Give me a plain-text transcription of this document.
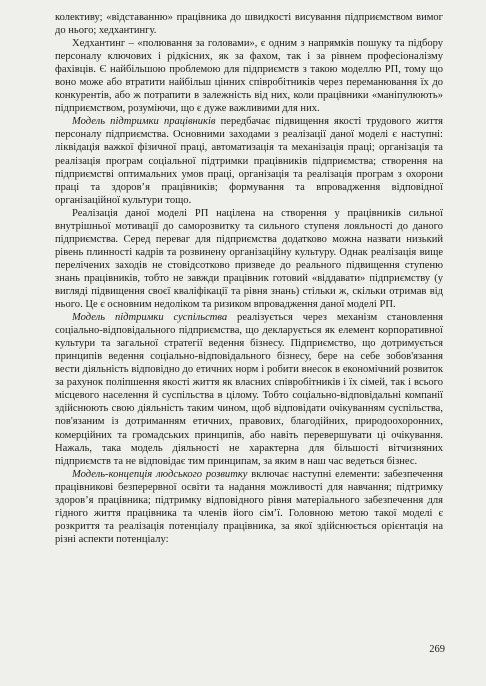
колективу; «відставанню» працівника до швидкості висування підприємством вимог до нього; хедхантингу.

Хедхантинг – «полювання за головами», є одним з напрямків пошуку та підбору персоналу ключових і рідкісних, як за фахом, так і за рівнем професіоналізму фахівців. Є найбільшою проблемою для підприємств з такою моделлю РП, тому що воно може або втратити найбільш цінних співробітників через переманювання їх до конкурентів, або ж потрапити в залежність від них, коли працівники «маніпулюють» підприємством, розуміючи, що є дуже важливими для них.

Модель підтримки працівників передбачає підвищення якості трудового життя персоналу підприємства. Основними заходами з реалізації даної моделі є наступні: ліквідація важкої фізичної праці, автоматизація та механізація праці; організація та реалізація програм соціальної підтримки працівників підприємства; створення на підприємстві оптимальних умов праці, організація та реалізація програм з охорони праці та здоров’я працівників; формування та впровадження відповідної організаційної культури тощо.

Реалізація даної моделі РП націлена на створення у працівників сильної внутрішньої мотивації до саморозвитку та сильного ступеня лояльності до даного підприємства. Серед переваг для підприємства додатково можна назвати низький рівень плинності кадрів та розвинену організаційну культуру. Однак реалізація вище перелічених заходів не стовідсотково призведе до реального підвищення ступеню знань працівників, тобто не завжди працівник готовий «віддавати» підприємству (у вигляді підвищення своєї кваліфікації та рівня знань) стільки ж, скільки отримав від нього. Це є основним недоліком та ризиком впровадження даної моделі РП.

Модель підтримки суспільства реалізується через механізм становлення соціально-відповідального підприємства, що декларується як елемент корпоративної культури та загальної стратегії ведення бізнесу. Підприємство, що дотримується принципів ведення соціально-відповідального бізнесу, бере на себе зобов'язання вести діяльність відповідно до етичних норм і робити внесок в економічний розвиток за рахунок поліпшення якості життя як власних співробітників і їх сімей, так і всього місцевого населення й суспільства в цілому. Тобто соціально-відповідальні компанії здійснюють свою діяльність таким чином, щоб відповідати очікуванням суспільства, пов'язаним із дотриманням етичних, правових, благодійних, природоохоронних, комерційних та громадських принципів, або навіть перевершувати ці очікування. Нажаль, така модель діяльності не характерна для більшості вітчизняних підприємств та не відповідає тим принципам, за яким в наш час ведеться бізнес.

Модель-концепція людського розвитку включає наступні елементи: забезпечення працівникові безперервної освіти та надання можливості для навчання; підтримку здоров’я працівника; підтримку відповідного рівня матеріального забезпечення для гідного життя працівника та членів його сім’ї. Головною метою такої моделі є розкриття та реалізація потенціалу працівника, за якої здійснюється орієнтація на різні аспекти потенціалу:

269
